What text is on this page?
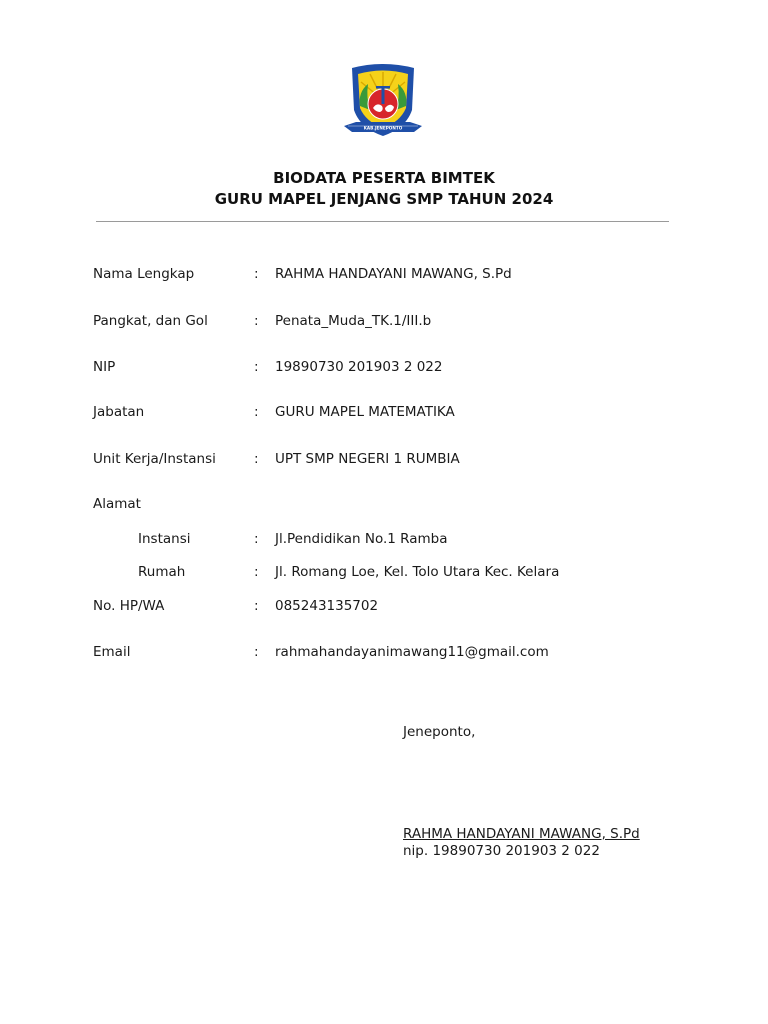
KAB.JENEPONTO
BIODATA PESERTA BIMTEK
GURU MAPEL JENJANG SMP TAHUN 2024
Nama Lengkap	: RAHMA HANDAYANI MAWANG, S.Pd
Pangkat, dan Gol	: Penata_Muda_TK.1/III.b
NIP	: 19890730 201903 2 022
Jabatan	: GURU MAPEL MATEMATIKA
Unit Kerja/Instansi	: UPT SMP NEGERI 1 RUMBIA
Alamat
Instansi	: Jl.Pendidikan No.1 Ramba
Rumah	: Jl. Romang Loe, Kel. Tolo Utara Kec. Kelara
No. HP/WA	: 085243135702
Email	: rahmahandayanimawang11@gmail.com
Jeneponto,
RAHMA HANDAYANI MAWANG, S.Pd
nip. 19890730 201903 2 022
